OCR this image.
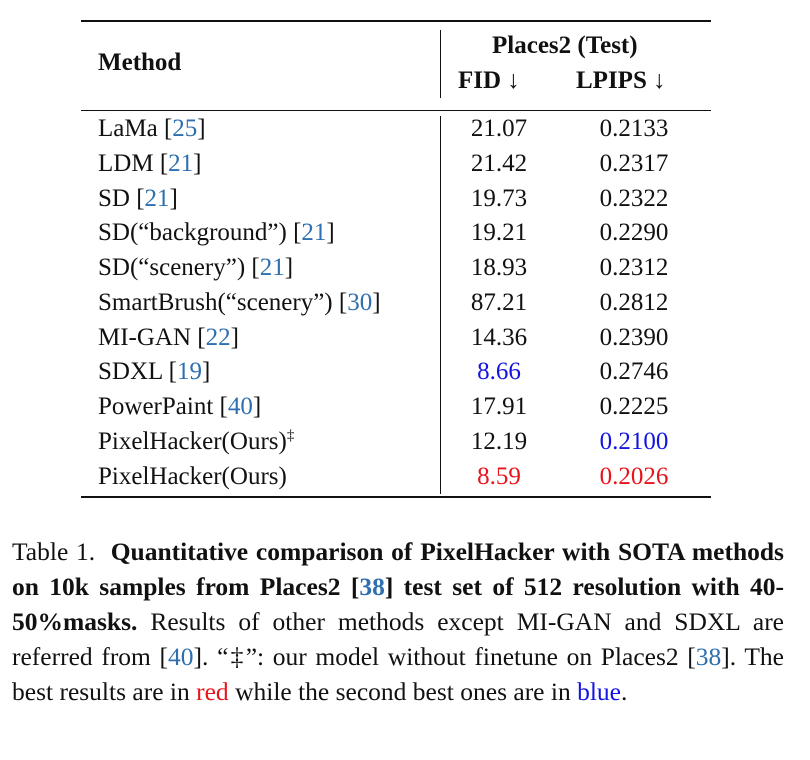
Method
Places2 (Test)
FID ↓ LPIPS ↓
LaMa [25]	21.07	0.2133
LDM [21]	21.42	0.2317
SD [21]	19.73	0.2322
SD(“background”) [21]	19.21	0.2290
SD(“scenery”) [21]	18.93	0.2312
SmartBrush(“scenery”) [30]	87.21	0.2812
MI-GAN [22]	14.36	0.2390
SDXL [19]	8.66	0.2746
PowerPaint [40]	17.91	0.2225
PixelHacker(Ours)‡	12.19	0.2100
PixelHacker(Ours)	8.59	0.2026
Table 1. Quantitative comparison of PixelHacker with SOTA methods on 10k samples from Places2 [38] test set of 512 resolution with 40-50%masks. Results of other methods except MI-GAN and SDXL are referred from [40]. “‡”: our model without finetune on Places2 [38]. The best results are in red while the second best ones are in blue.
